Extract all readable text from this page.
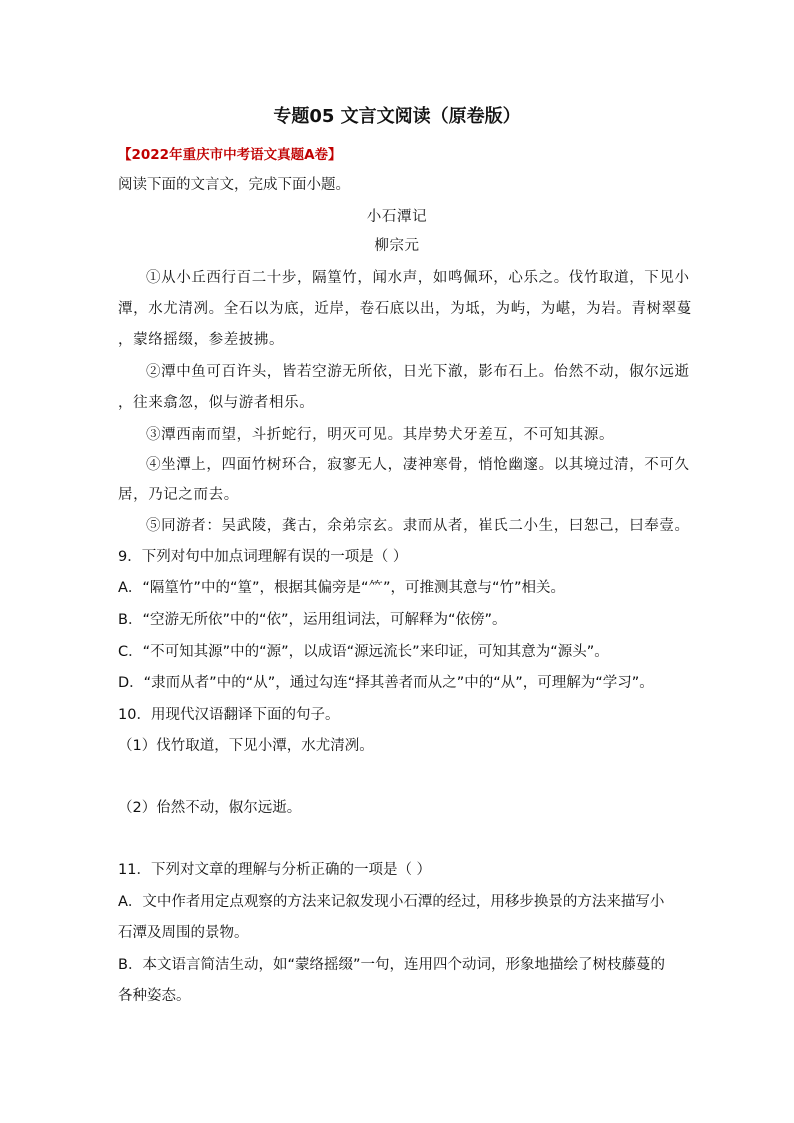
专题05 文言文阅读（原卷版）
【2022年重庆市中考语文真题A卷】
阅读下面的文言文，完成下面小题。
小石潭记
柳宗元
①从小丘西行百二十步，隔篁竹，闻水声，如鸣佩环，心乐之。伐竹取道，下见小
潭，水尤清冽。全石以为底，近岸，卷石底以出，为坻，为屿，为嵁，为岩。青树翠蔓
，蒙络摇缀，参差披拂。
②潭中鱼可百许头，皆若空游无所依，日光下澈，影布石上。佁然不动，俶尔远逝
，往来翕忽，似与游者相乐。
③潭西南而望，斗折蛇行，明灭可见。其岸势犬牙差互，不可知其源。
④坐潭上，四面竹树环合，寂寥无人，凄神寒骨，悄怆幽邃。以其境过清，不可久
居，乃记之而去。
⑤同游者：吴武陵，龚古，余弟宗玄。隶而从者，崔氏二小生，曰恕己，曰奉壹。
9．下列对句中加点词理解有误的一项是（ ）
A．“隔篁竹”中的“篁”，根据其偏旁是“⺮”，可推测其意与“竹”相关。
B．“空游无所依”中的“依”，运用组词法，可解释为“依傍”。
C．“不可知其源”中的“源”，以成语“源远流长”来印证，可知其意为“源头”。
D．“隶而从者”中的“从”，通过勾连“择其善者而从之”中的“从”，可理解为“学习”。
10．用现代汉语翻译下面的句子。
（1）伐竹取道，下见小潭，水尤清冽。
（2）佁然不动，俶尔远逝。
11．下列对文章的理解与分析正确的一项是（ ）
A．文中作者用定点观察的方法来记叙发现小石潭的经过，用移步换景的方法来描写小
石潭及周围的景物。
B．本文语言简洁生动，如“蒙络摇缀”一句，连用四个动词，形象地描绘了树枝藤蔓的
各种姿态。
